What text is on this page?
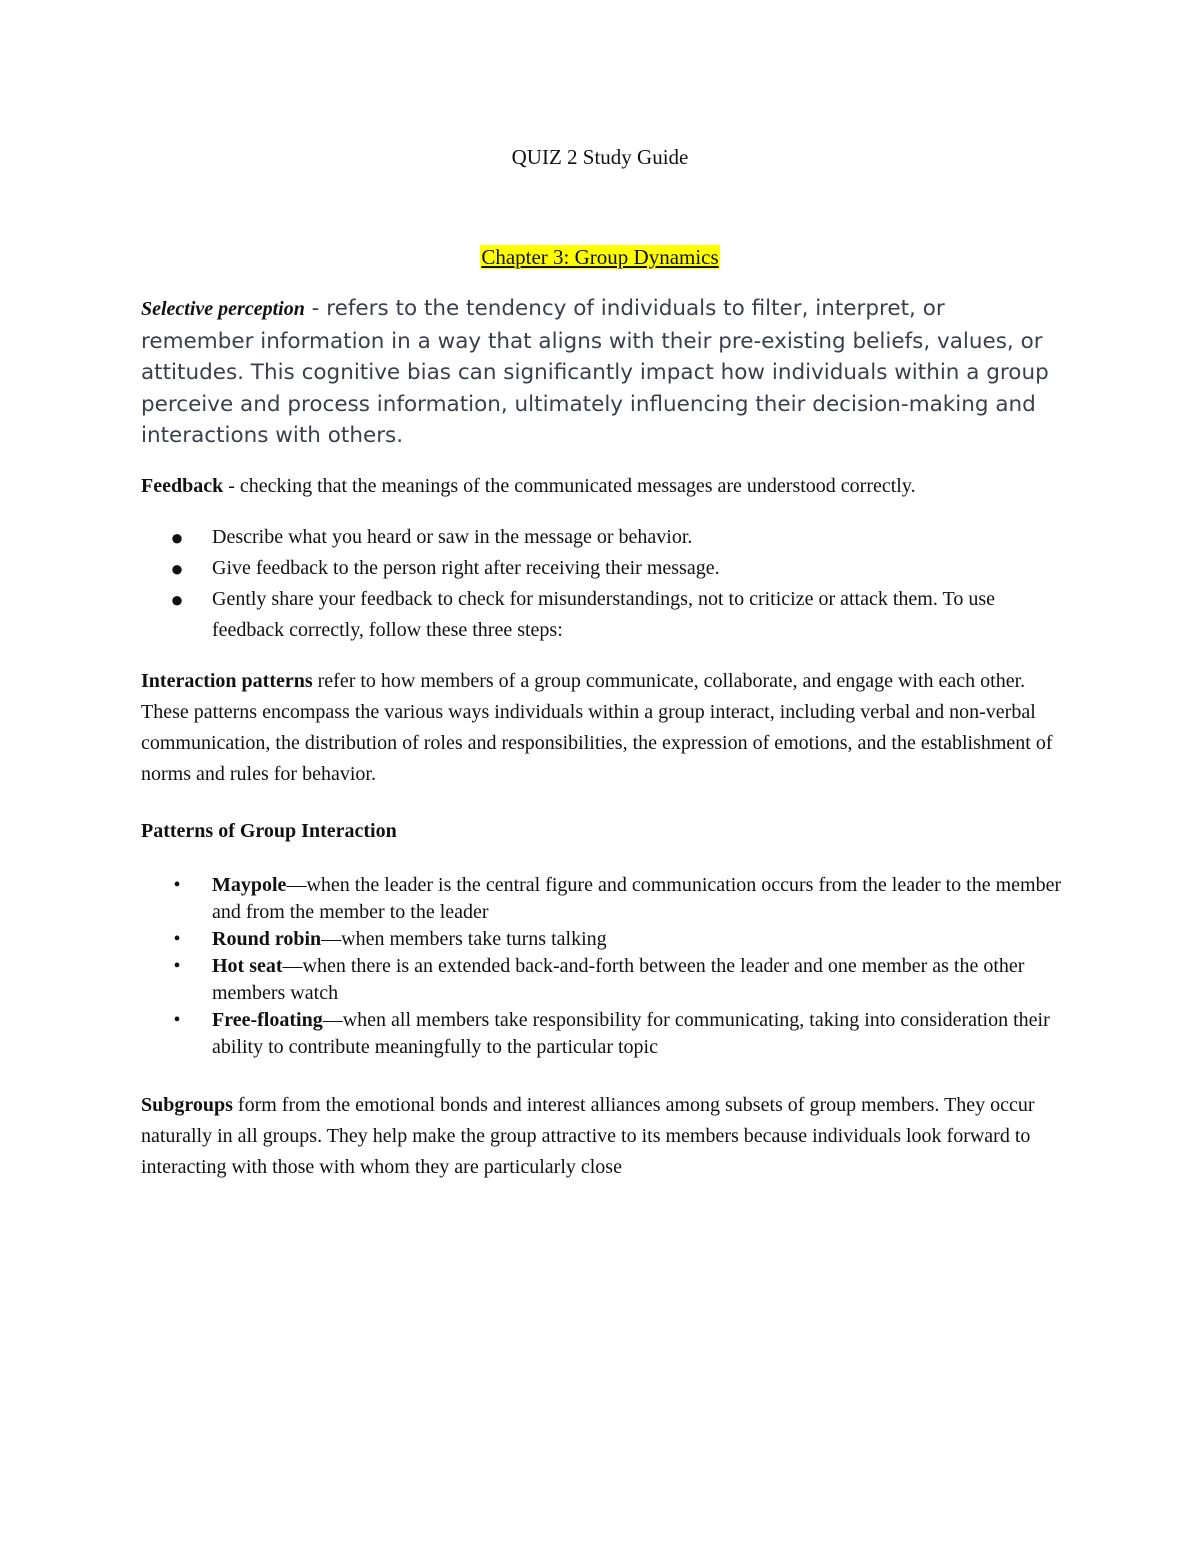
QUIZ 2 Study Guide
Chapter 3: Group Dynamics
Selective perception - refers to the tendency of individuals to filter, interpret, or remember information in a way that aligns with their pre-existing beliefs, values, or attitudes. This cognitive bias can significantly impact how individuals within a group perceive and process information, ultimately influencing their decision-making and interactions with others.
Feedback - checking that the meanings of the communicated messages are understood correctly.
● Describe what you heard or saw in the message or behavior.
● Give feedback to the person right after receiving their message.
● Gently share your feedback to check for misunderstandings, not to criticize or attack them. To use feedback correctly, follow these three steps:
Interaction patterns refer to how members of a group communicate, collaborate, and engage with each other. These patterns encompass the various ways individuals within a group interact, including verbal and non-verbal communication, the distribution of roles and responsibilities, the expression of emotions, and the establishment of norms and rules for behavior.
Patterns of Group Interaction
• Maypole—when the leader is the central figure and communication occurs from the leader to the member and from the member to the leader
• Round robin—when members take turns talking
• Hot seat—when there is an extended back-and-forth between the leader and one member as the other members watch
• Free-floating—when all members take responsibility for communicating, taking into consideration their ability to contribute meaningfully to the particular topic
Subgroups form from the emotional bonds and interest alliances among subsets of group members. They occur naturally in all groups. They help make the group attractive to its members because individuals look forward to interacting with those with whom they are particularly close
